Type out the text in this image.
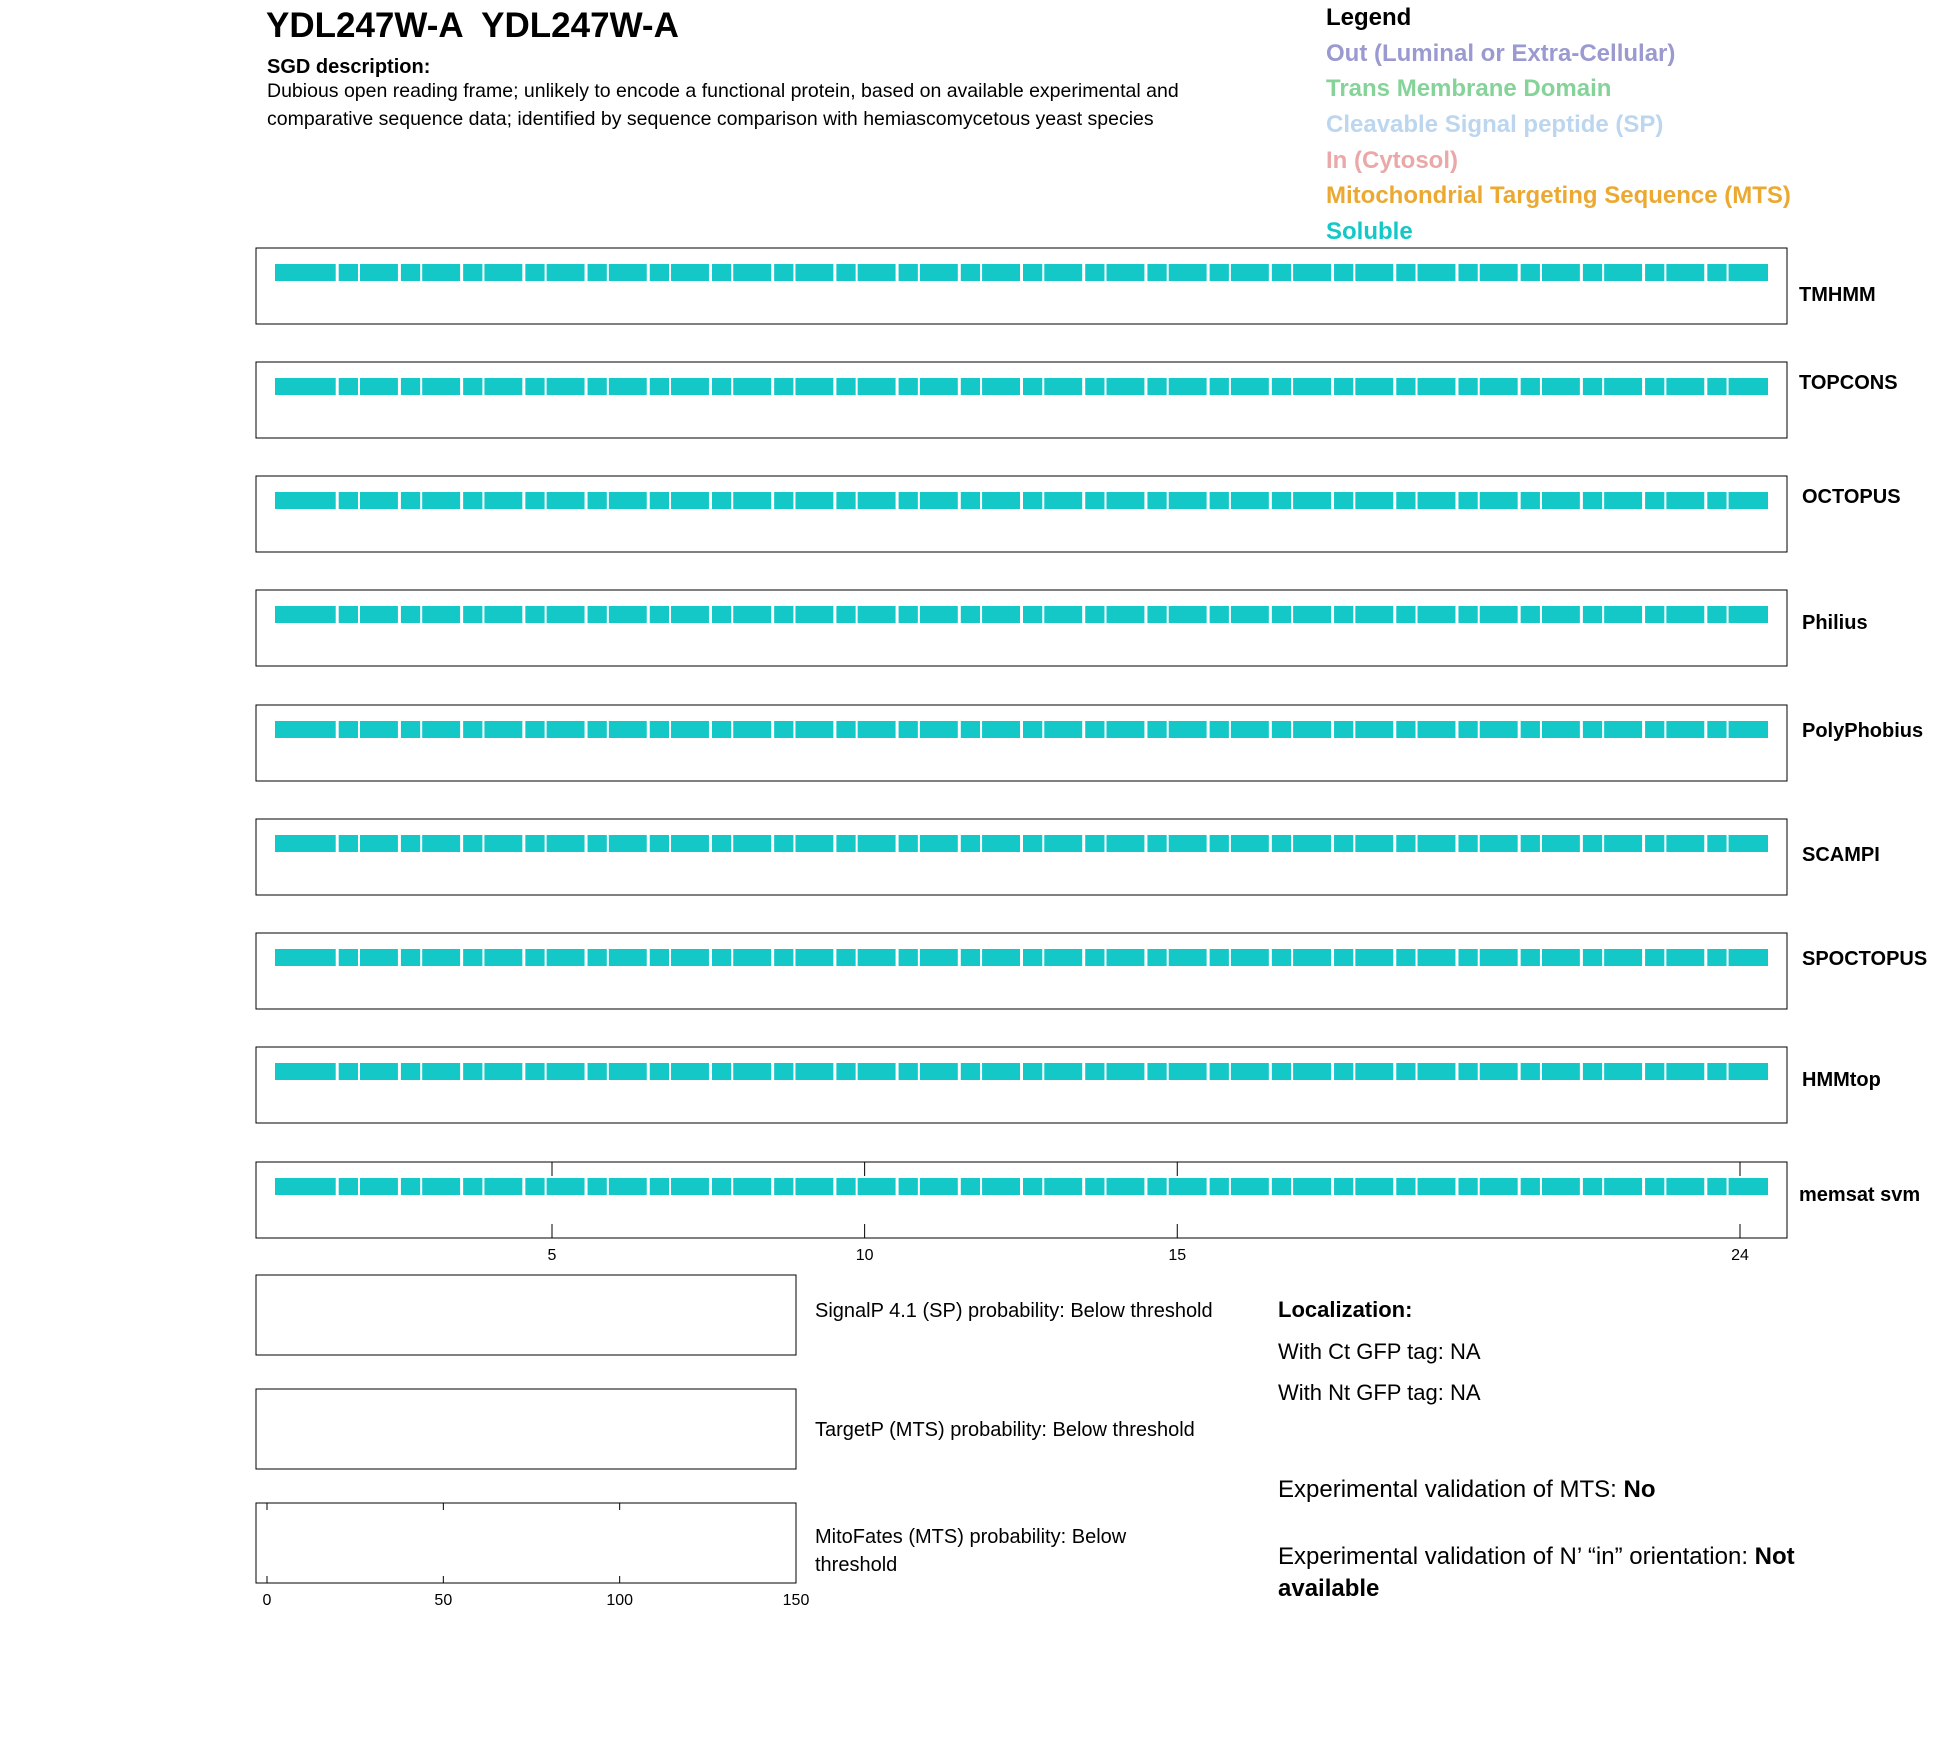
YDL247W-A  YDL247W-A
SGD description:
Dubious open reading frame; unlikely to encode a functional protein, based on available experimental and comparative sequence data; identified by sequence comparison with hemiascomycetous yeast species
Legend
Out (Luminal or Extra-Cellular)
Trans Membrane Domain
Cleavable Signal peptide (SP)
In (Cytosol)
Mitochondrial Targeting Sequence (MTS)
Soluble
5	10	15	24
0	50	100	150
TMHMM
TOPCONS
OCTOPUS
Philius
PolyPhobius
SCAMPI
SPOCTOPUS
HMMtop
memsat svm
SignalP 4.1 (SP) probability: Below threshold
TargetP (MTS) probability: Below threshold
MitoFates (MTS) probability: Below threshold
Localization:
With Ct GFP tag: NA
With Nt GFP tag: NA
Experimental validation of MTS: No
Experimental validation of N’ “in” orientation: Not available
